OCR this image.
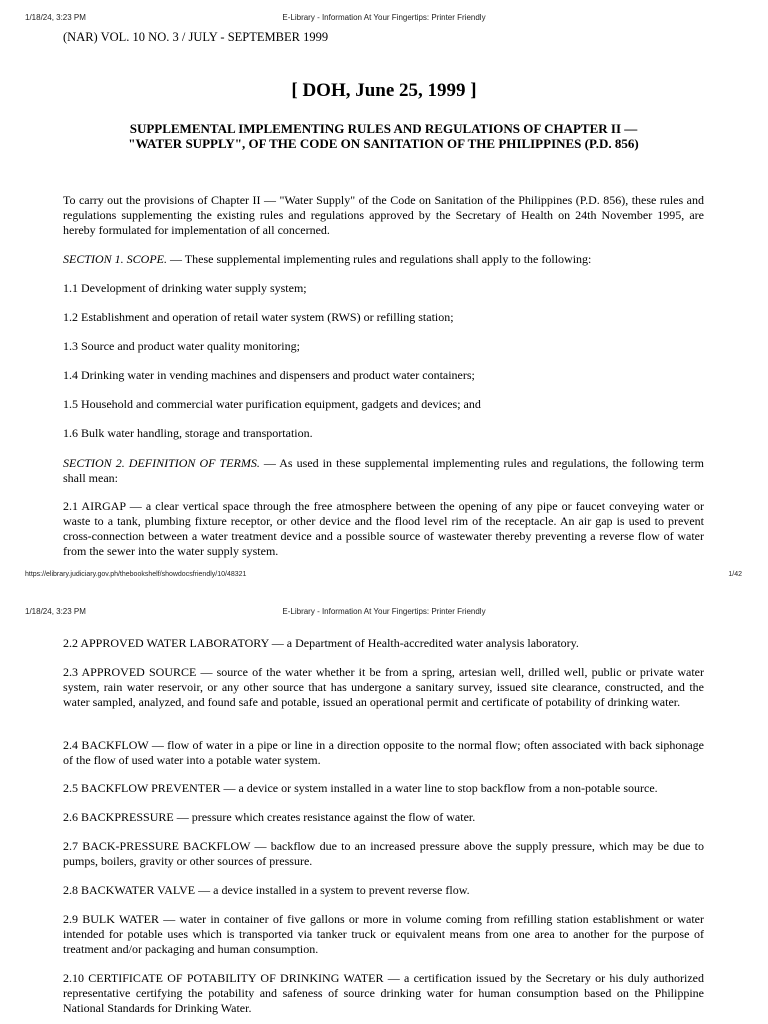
1/18/24, 3:23 PM	E-Library - Information At Your Fingertips: Printer Friendly
(NAR) VOL. 10 NO. 3 / JULY - SEPTEMBER 1999
[ DOH, June 25, 1999 ]
SUPPLEMENTAL IMPLEMENTING RULES AND REGULATIONS OF CHAPTER II —
"WATER SUPPLY", OF THE CODE ON SANITATION OF THE PHILIPPINES (P.D. 856)

To carry out the provisions of Chapter II — "Water Supply" of the Code on Sanitation of the Philippines (P.D. 856), these rules and regulations supplementing the existing rules and regulations approved by the Secretary of Health on 24th November 1995, are hereby formulated for implementation of all concerned.

SECTION 1. SCOPE. — These supplemental implementing rules and regulations shall apply to the following:

1.1 Development of drinking water supply system;
1.2 Establishment and operation of retail water system (RWS) or refilling station;
1.3 Source and product water quality monitoring;
1.4 Drinking water in vending machines and dispensers and product water containers;
1.5 Household and commercial water purification equipment, gadgets and devices; and
1.6 Bulk water handling, storage and transportation.

SECTION 2. DEFINITION OF TERMS. — As used in these supplemental implementing rules and regulations, the following term shall mean:

2.1 AIRGAP — a clear vertical space through the free atmosphere between the opening of any pipe or faucet conveying water or waste to a tank, plumbing fixture receptor, or other device and the flood level rim of the receptacle. An air gap is used to prevent cross-connection between a water treatment device and a possible source of wastewater thereby preventing a reverse flow of water from the sewer into the water supply system.

https://elibrary.judiciary.gov.ph/thebookshelf/showdocsfriendly/10/48321	1/42
1/18/24, 3:23 PM	E-Library - Information At Your Fingertips: Printer Friendly

2.2 APPROVED WATER LABORATORY — a Department of Health-accredited water analysis laboratory.

2.3 APPROVED SOURCE — source of the water whether it be from a spring, artesian well, drilled well, public or private water system, rain water reservoir, or any other source that has undergone a sanitary survey, issued site clearance, constructed, and the water sampled, analyzed, and found safe and potable, issued an operational permit and certificate of potability of drinking water.

2.4 BACKFLOW — flow of water in a pipe or line in a direction opposite to the normal flow; often associated with back siphonage of the flow of used water into a potable water system.

2.5 BACKFLOW PREVENTER — a device or system installed in a water line to stop backflow from a non-potable source.

2.6 BACKPRESSURE — pressure which creates resistance against the flow of water.

2.7 BACK-PRESSURE BACKFLOW — backflow due to an increased pressure above the supply pressure, which may be due to pumps, boilers, gravity or other sources of pressure.

2.8 BACKWATER VALVE — a device installed in a system to prevent reverse flow.

2.9 BULK WATER — water in container of five gallons or more in volume coming from refilling station establishment or water intended for potable uses which is transported via tanker truck or equivalent means from one area to another for the purpose of treatment and/or packaging and human consumption.

2.10 CERTIFICATE OF POTABILITY OF DRINKING WATER — a certification issued by the Secretary or his duly authorized representative certifying the potability and safeness of source drinking water for human consumption based on the Philippine National Standards for Drinking Water.
